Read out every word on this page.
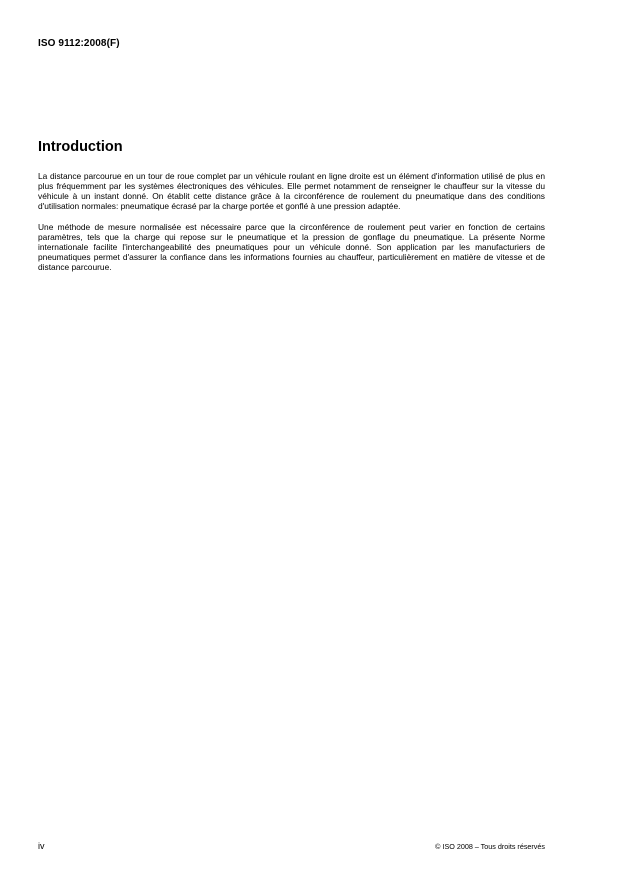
ISO 9112:2008(F)
Introduction

La distance parcourue en un tour de roue complet par un véhicule roulant en ligne droite est un élément d'information utilisé de plus en plus fréquemment par les systèmes électroniques des véhicules. Elle permet notamment de renseigner le chauffeur sur la vitesse du véhicule à un instant donné. On établit cette distance grâce à la circonférence de roulement du pneumatique dans des conditions d'utilisation normales: pneumatique écrasé par la charge portée et gonflé à une pression adaptée.

Une méthode de mesure normalisée est nécessaire parce que la circonférence de roulement peut varier en fonction de certains paramètres, tels que la charge qui repose sur le pneumatique et la pression de gonflage du pneumatique. La présente Norme internationale facilite l'interchangeabilité des pneumatiques pour un véhicule donné. Son application par les manufacturiers de pneumatiques permet d'assurer la confiance dans les informations fournies au chauffeur, particulièrement en matière de vitesse et de distance parcourue.

iv	© ISO 2008 – Tous droits réservés
